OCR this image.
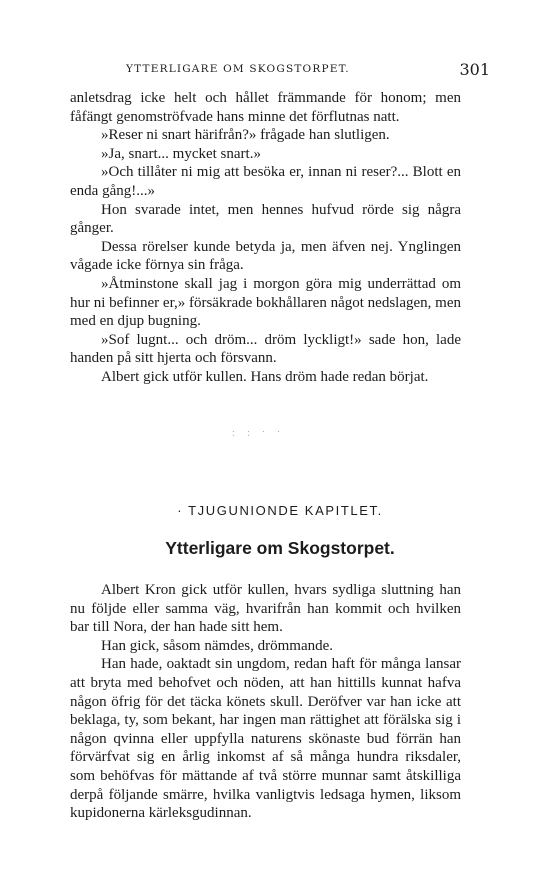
YTTERLIGARE OM SKOGSTORPET.	301

anletsdrag icke helt och hållet främmande för honom; men fåfängt genomströfvade hans minne det förflutnas natt.

»Reser ni snart härifrån?» frågade han slutligen.

»Ja, snart... mycket snart.»

»Och tillåter ni mig att besöka er, innan ni reser?... Blott en enda gång!...»

Hon svarade intet, men hennes hufvud rörde sig några gånger.

Dessa rörelser kunde betyda ja, men äfven nej. Ynglingen vågade icke förnya sin fråga.

»Åtminstone skall jag i morgon göra mig underrättad om hur ni befinner er,» försäkrade bokhållaren något nedslagen, men med en djup bugning.

»Sof lugnt... och dröm... dröm lyckligt!» sade hon, lade handen på sitt hjerta och försvann.

Albert gick utför kullen. Hans dröm hade redan börjat.

. . . . . .
· TJUGUNIONDE KAPITLET.
Ytterligare om Skogstorpet.

Albert Kron gick utför kullen, hvars sydliga sluttning han nu följde eller samma väg, hvarifrån han kommit och hvilken bar till Nora, der han hade sitt hem.

Han gick, såsom nämdes, drömmande.

Han hade, oaktadt sin ungdom, redan haft för många lansar att bryta med behofvet och nöden, att han hittills kunnat hafva någon öfrig för det täcka könets skull. Deröfver var han icke att beklaga, ty, som bekant, har ingen man rättighet att förälska sig i någon qvinna eller uppfylla naturens skönaste bud förrän han förvärfvat sig en årlig inkomst af så många hundra riksdaler, som behöfvas för mättande af två större munnar samt åtskilliga derpå följande smärre, hvilka vanligtvis ledsaga hymen, liksom kupidonerna kärleksgudinnan.
